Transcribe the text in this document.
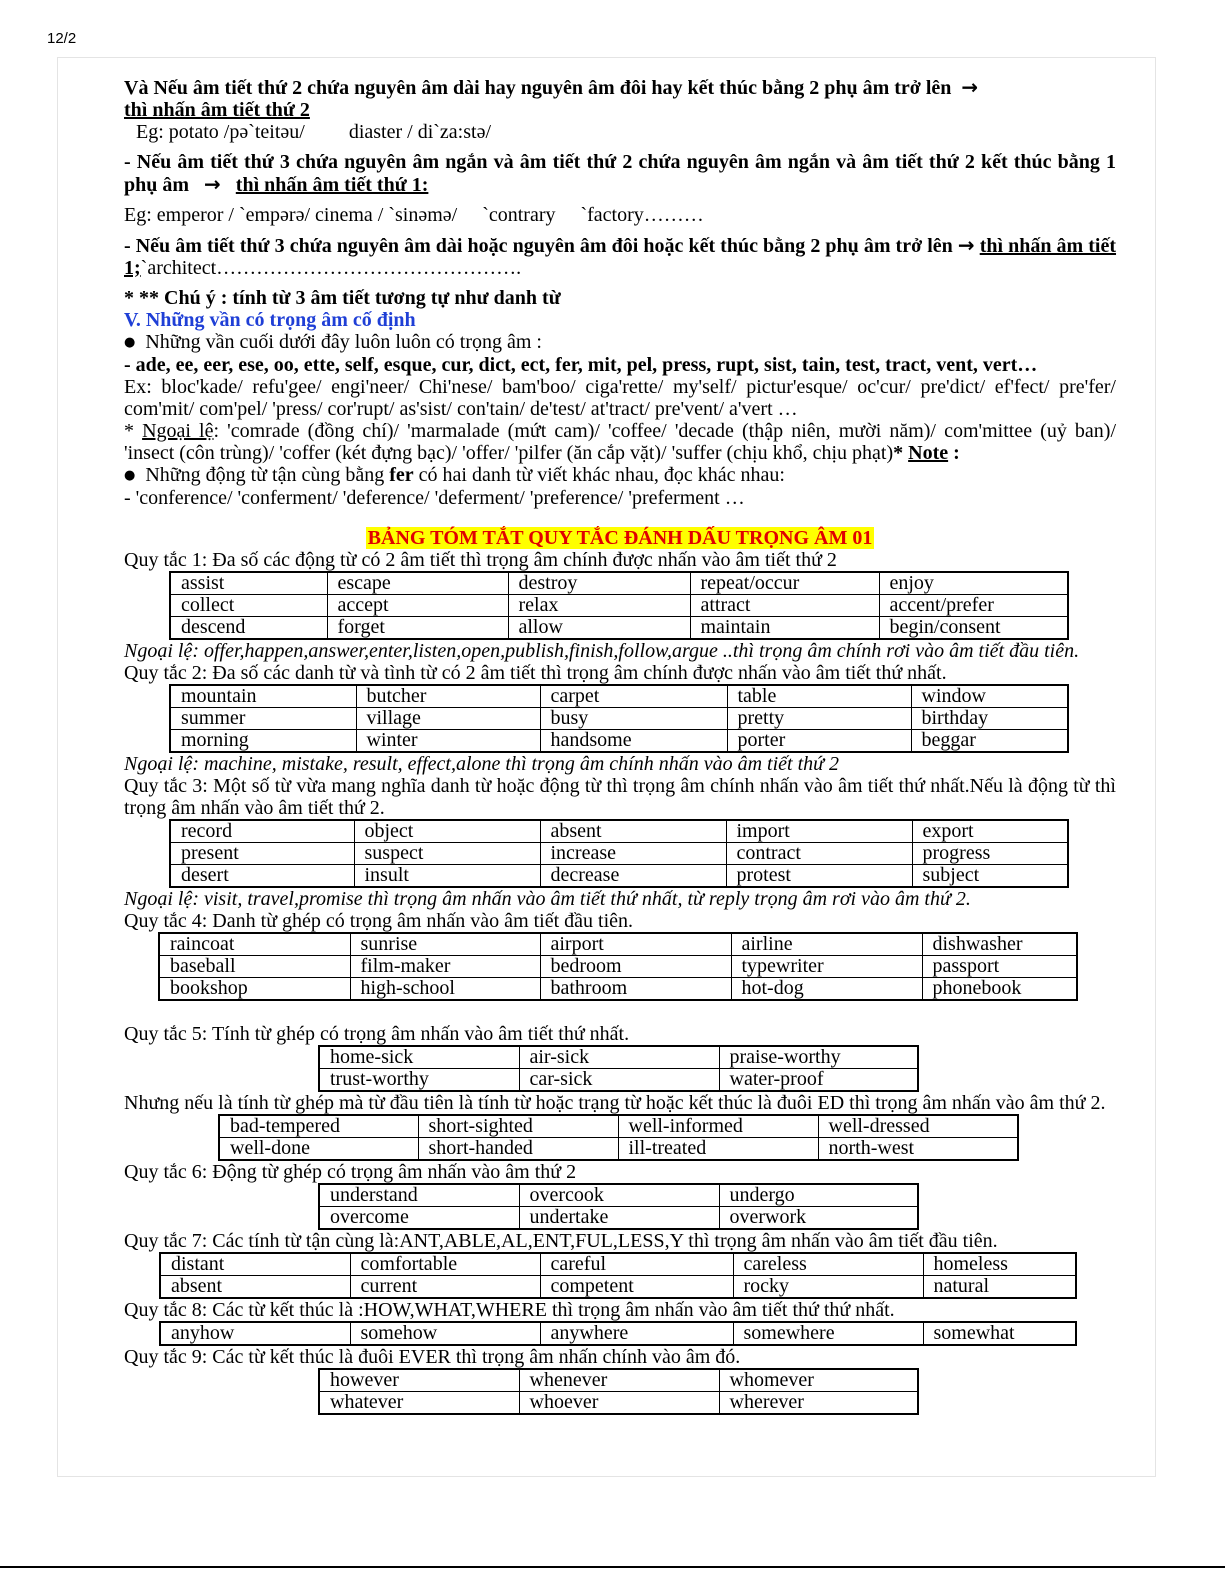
12/2

Và Nếu âm tiết thứ 2 chứa nguyên âm dài hay nguyên âm đôi hay kết thúc bằng 2 phụ âm trở lên →
thì nhấn âm tiết thứ 2

Eg: potato /pə`teitəu/ diaster / di`za:stə/

- Nếu âm tiết thứ 3 chứa nguyên âm ngắn và âm tiết thứ 2 chứa nguyên âm ngắn và âm tiết thứ 2 kết thúc bằng 1 phụ âm → thì nhấn âm tiết thứ 1:

Eg: emperor / `empərə/ cinema / `sinəmə/     `contrary     `factory………

- Nếu âm tiết thứ 3 chứa nguyên âm dài hoặc nguyên âm đôi hoặc kết thúc bằng 2 phụ âm trở lên → thì nhấn âm tiết 1;`architect……………………………………….

* ** Chú ý : tính từ 3 âm tiết tương tự như danh từ

V. Những vần có trọng âm cố định

● Những vần cuối dưới đây luôn luôn có trọng âm :

- ade, ee, eer, ese, oo, ette, self, esque, cur, dict, ect, fer, mit, pel, press, rupt, sist, tain, test, tract, vent, vert…

Ex: bloc'kade/ refu'gee/ engi'neer/ Chi'nese/ bam'boo/ ciga'rette/ my'self/ pictur'esque/ oc'cur/ pre'dict/ ef'fect/ pre'fer/ com'mit/ com'pel/ 'press/ cor'rupt/ as'sist/ con'tain/ de'test/ at'tract/ pre'vent/ a'vert …

* Ngoại lệ: 'comrade (đồng chí)/ 'marmalade (mứt cam)/ 'coffee/ 'decade (thập niên, mười năm)/ com'mittee (uỷ ban)/ 'insect (côn trùng)/ 'coffer (két đựng bạc)/ 'offer/ 'pilfer (ăn cắp vặt)/ 'suffer (chịu khổ, chịu phạt)* Note :

● Những động từ tận cùng bằng fer có hai danh từ viết khác nhau, đọc khác nhau:

- 'conference/ 'conferment/ 'deference/ 'deferment/ 'preference/ 'preferment …

BẢNG TÓM TẮT QUY TẮC ĐÁNH DẤU TRỌNG ÂM 01

Quy tắc 1: Đa số các động từ có 2 âm tiết thì trọng âm chính được nhấn vào âm tiết thứ 2

assist	escape	destroy	repeat/occur	enjoy
collect	accept	relax	attract	accent/prefer
descend	forget	allow	maintain	begin/consent

Ngoại lệ: offer,happen,answer,enter,listen,open,publish,finish,follow,argue ..thì trọng âm chính rơi vào âm tiết đầu tiên.

Quy tắc 2: Đa số các danh từ và tình từ có 2 âm tiết thì trọng âm chính được nhấn vào âm tiết thứ nhất.

mountain	butcher	carpet	table	window
summer	village	busy	pretty	birthday
morning	winter	handsome	porter	beggar

Ngoại lệ: machine, mistake, result, effect,alone thì trọng âm chính nhấn vào âm tiết thứ 2

Quy tắc 3: Một số từ vừa mang nghĩa danh từ hoặc động từ thì trọng âm chính nhấn vào âm tiết thứ nhất.Nếu là động từ thì trọng âm nhấn vào âm tiết thứ 2.

record	object	absent	import	export
present	suspect	increase	contract	progress
desert	insult	decrease	protest	subject

Ngoại lệ: visit, travel,promise thì trọng âm nhấn vào âm tiết thứ nhất, từ reply trọng âm rơi vào âm thứ 2.

Quy tắc 4: Danh từ ghép có trọng âm nhấn vào âm tiết đầu tiên.

raincoat	sunrise	airport	airline	dishwasher
baseball	film-maker	bedroom	typewriter	passport
bookshop	high-school	bathroom	hot-dog	phonebook

Quy tắc 5: Tính từ ghép có trọng âm nhấn vào âm tiết thứ nhất.

home-sick	air-sick	praise-worthy
trust-worthy	car-sick	water-proof

Nhưng nếu là tính từ ghép mà từ đầu tiên là tính từ hoặc trạng từ hoặc kết thúc là đuôi ED thì trọng âm nhấn vào âm thứ 2.

bad-tempered	short-sighted	well-informed	well-dressed
well-done	short-handed	ill-treated	north-west

Quy tắc 6: Động từ ghép có trọng âm nhấn vào âm thứ 2

understand	overcook	undergo
overcome	undertake	overwork

Quy tắc 7: Các tính từ tận cùng là:ANT,ABLE,AL,ENT,FUL,LESS,Y thì trọng âm nhấn vào âm tiết đầu tiên.

distant	comfortable	careful	careless	homeless
absent	current	competent	rocky	natural

Quy tắc 8: Các từ kết thúc là :HOW,WHAT,WHERE thì trọng âm nhấn vào âm tiết thứ thứ nhất.

anyhow	somehow	anywhere	somewhere	somewhat

Quy tắc 9: Các từ kết thúc là đuôi EVER thì trọng âm nhấn chính vào âm đó.

however	whenever	whomever
whatever	whoever	wherever
